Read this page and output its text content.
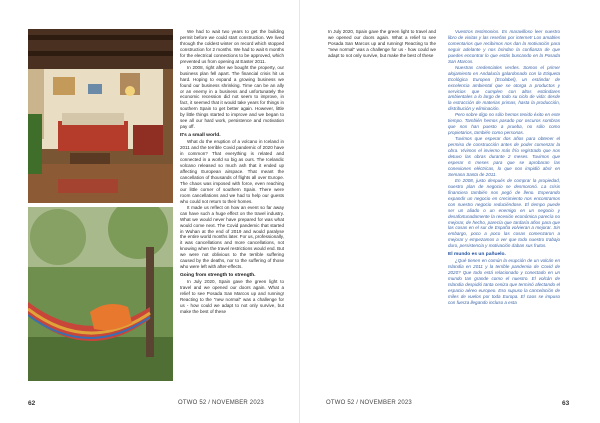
We had to wait two years to get the building permit before we could start construction. We lived through the coldest winter on record which stopped construction for 2 months. We had to wait 6 months for the electrical connections to be approved, which prevented us from opening at Easter 2011.

In 2008, right after we bought the property, our business plan fell apart. The financial crisis hit us hard. Hoping to expand a growing business we found our business shrinking. Time can be an ally or an enemy in a business and unfortunately the economic recession did not seem to improve, in fact, it seemed that it would take years for things in southern Spain to get better again. However, little by little things started to improve and we began to see all our hard work, persistence and motivation pay off.

It's a small world.

What do the eruption of a volcano in Iceland in 2011 and the terrible Covid pandemic of 2020 have in common? That everything is related and connected in a world so big as ours. The Icelandic volcano released so much ash that it ended up affecting European airspace. That meant the cancellation of thousands of flights all over Europe. The chaos was imposed with force, even reaching our little corner of southern Spain. There were room cancellations and we had to help our guests who could not return to their homes.

It made us reflect on how an event so far away can have such a huge effect on the travel industry. What we would never have prepared for was what would come next. The Covid pandemic that started in Wuhan at the end of 2019 and would paralyse the entire world months later. For us, professionally, it was cancellations and more cancellations, not knowing when the travel restrictions would end. But we were not oblivious to the terrible suffering caused by the deaths, nor to the suffering of those who were left with after-effects.

Going from strength to strength.

In July 2020, Spain gave the green light to travel and we opened our doors again. What a relief to see Posada San Marcos up and running! Reacting to the "new normal" was a challenge for us - how could we adapt to not only survive, but make the best of these

62	OTWO 52 / NOVEMBER 2023

In July 2020, Spain gave the green light to travel and we opened our doors again. What a relief to see Posada San Marcos up and running! Reacting to the "new normal" was a challenge for us - how could we adapt to not only survive, but make the best of these

Vuestros testimonios. Es maravilloso leer nuestro libro de visitas y las reseñas por internet! Los amables comentarios que recibimos nos dan la motivación para seguir adelante y nos brindan la confianza de que puedes encontrar lo que estás buscando en la Posada San Marcos.

Nuestras credenciales verdes. Somos el primer alojamiento en Andalucía galardonado con la Etiqueta Ecológica Europea (Ecolabel), un estándar de excelencia ambiental que se otorga a productos y servicios que cumplen con altos estándares ambientales a lo largo de todo su ciclo de vida: desde la extracción de materias primas, hasta la producción, distribución y eliminación.

Pero sobre digo no sólo hemos tenido éxito en este tiempo. También hemos pasado por oscuros sombras que nos han puesto a prueba, no sólo como propietarios, también como personas.

Tuvimos que esperar dos años para obtener el permiso de construcción antes de poder comenzar la obra. Vivimos el invierno más frío registrado que nos detuvo las obras durante 2 meses. Tuvimos que esperar 6 meses para que se aprobaran las conexiones eléctricas, lo que nos impidió abrir en Semana Santa de 2011.

En 2008, justo después de comprar la propiedad, nuestro plan de negocio se desmoronó. La crisis financiera también nos pegó de lleno. Esperando expandir un negocio en crecimiento nos encontramos con nuestro negocio reduciéndose. El tiempo puede ser un aliado o un enemigo en un negocio y desafortunadamente la recesión económica parecía no mejorar, de hecho, parecía que tardaría años para que las cosas en el sur de España volvieran a mejorar. Sin embargo, poco a poco las cosas comenzaron a mejorar y empezamos a ver que todo nuestro trabajo duro, persistencia y motivación daban sus frutos.

El mundo es un pañuelo.

¿Qué tienen en común la erupción de un volcán en Islandia en 2011 y la terrible pandemia de Covid de 2020? Que todo está relacionado y conectado en un mundo tan grande como el nuestro. El volcán de Islandia despidió tanta ceniza que terminó afectando el espacio aéreo europeo. Eso supuso la cancelación de miles de vuelos por toda Europa. El caos se impuso con fuerza llegando incluso a esta

OTWO 52 / NOVEMBER 2023	63
